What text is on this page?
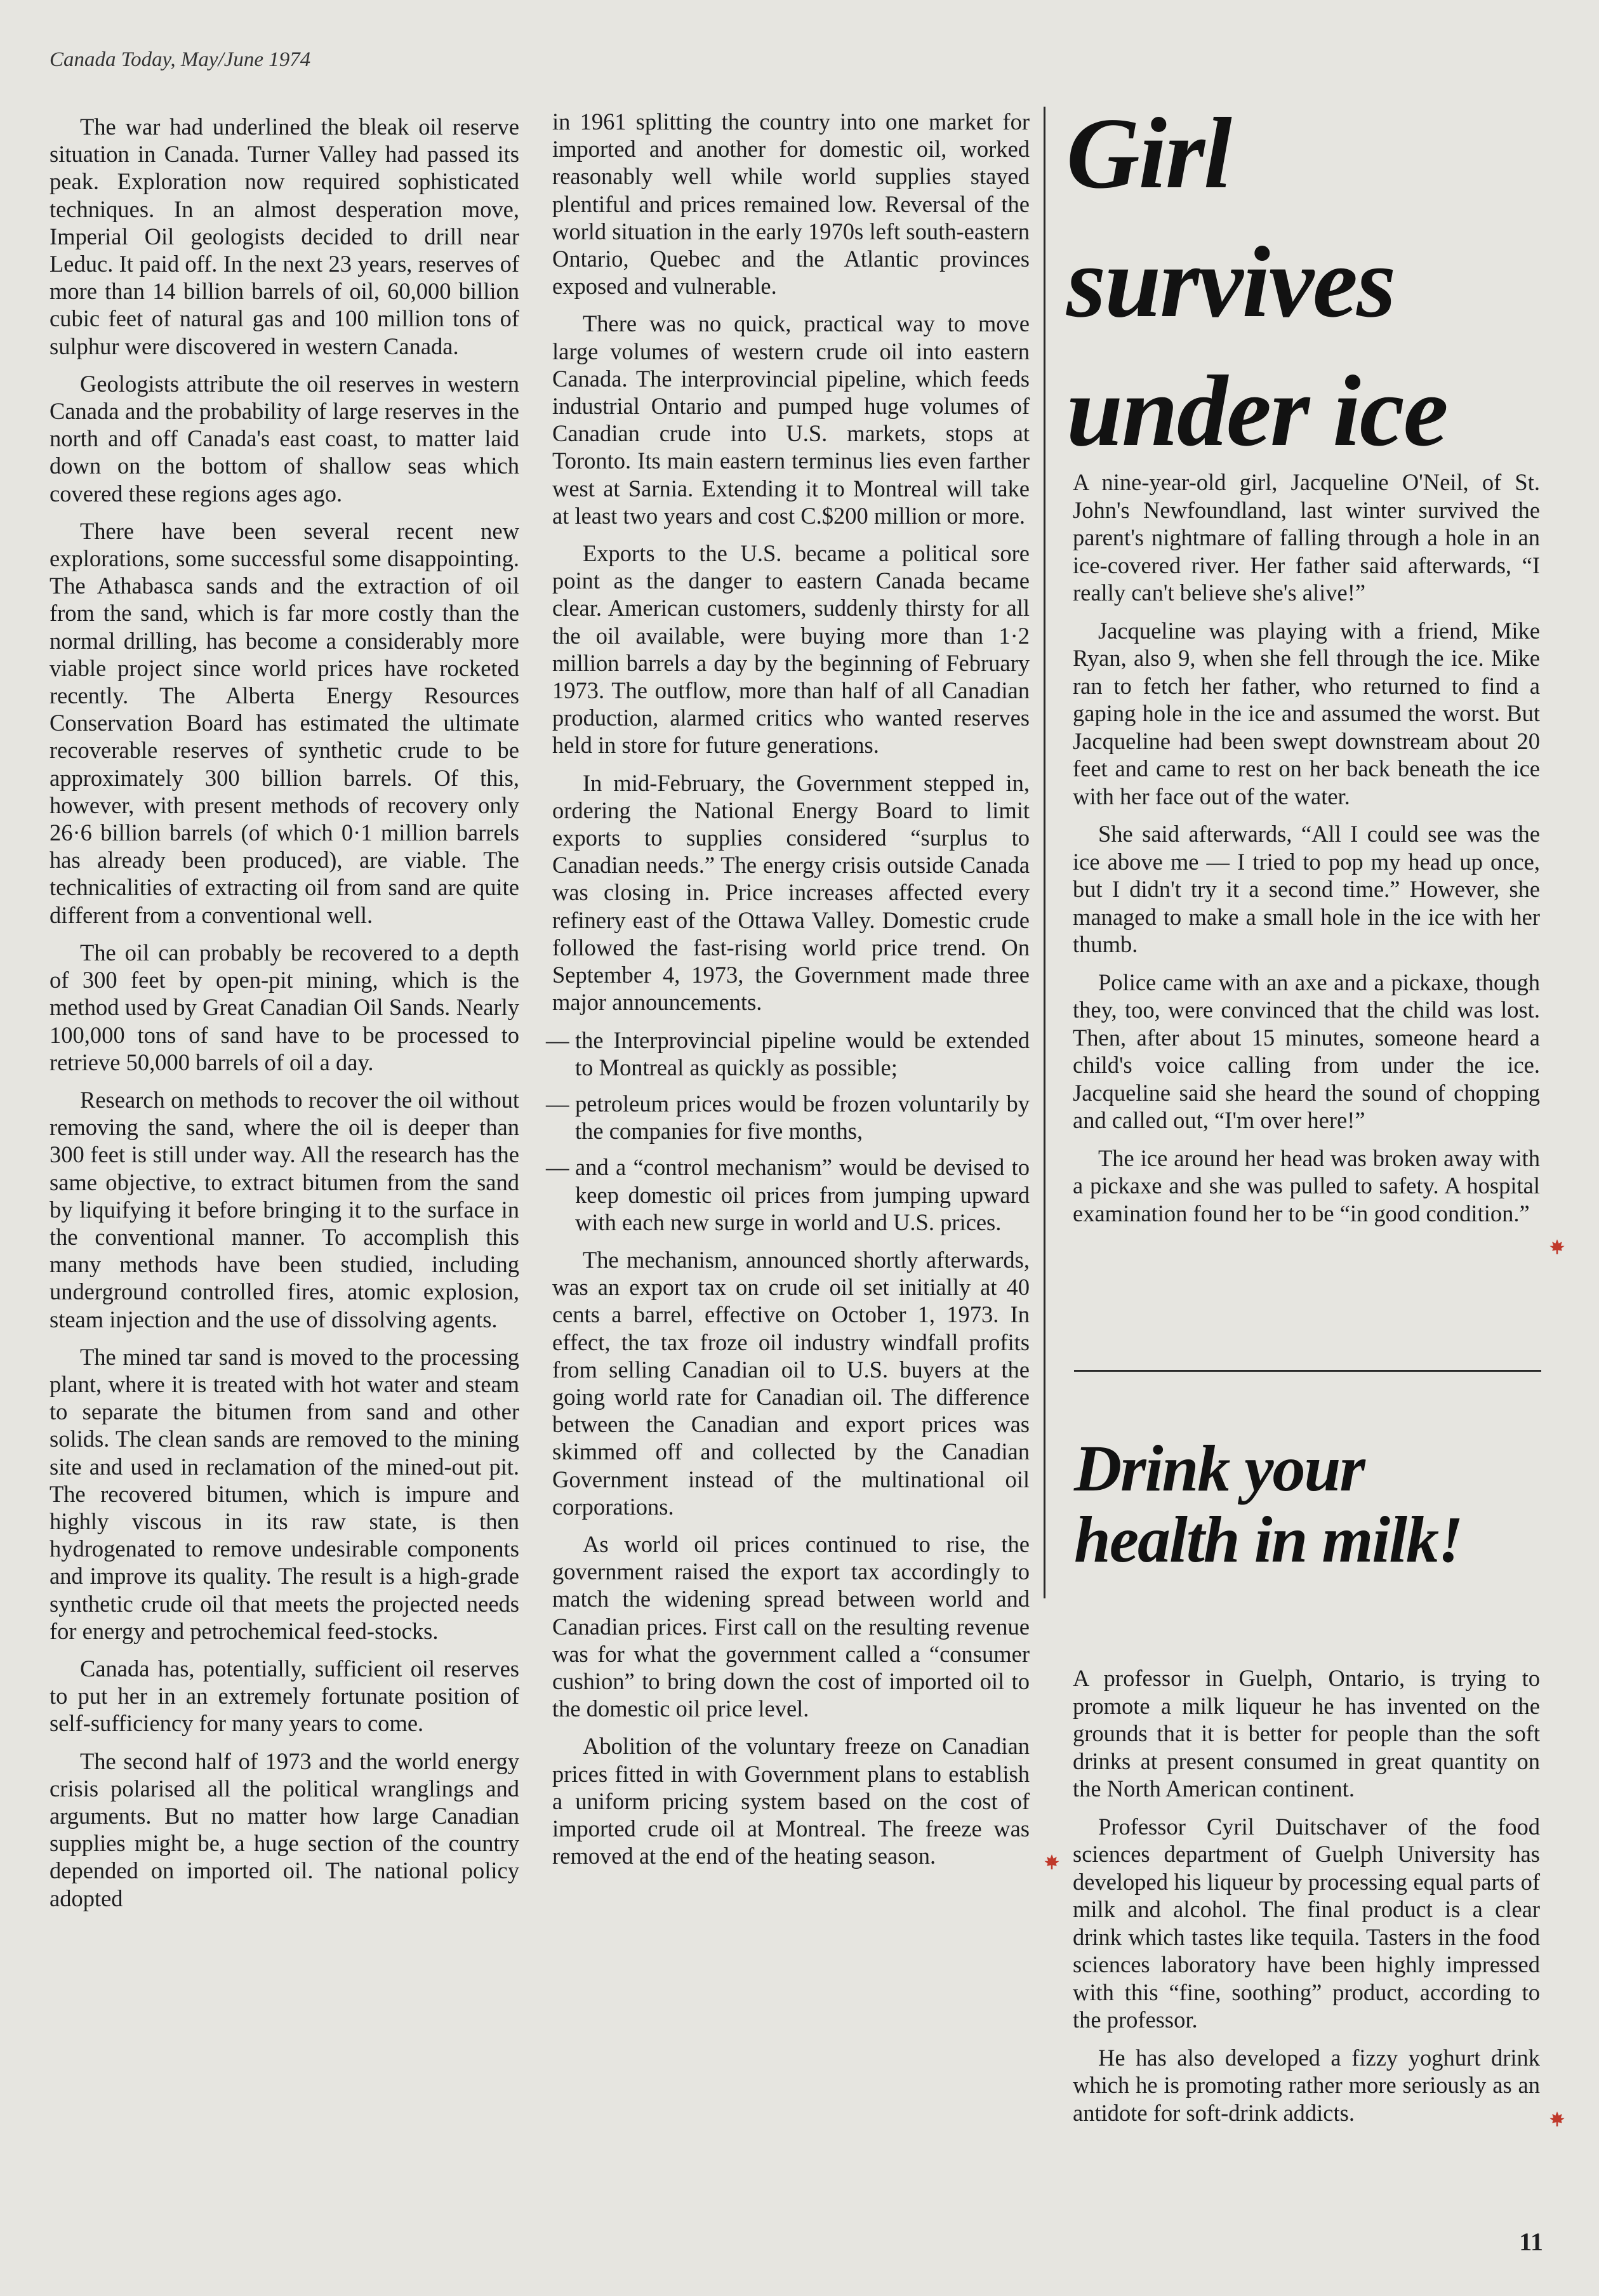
Canada Today, May/June 1974

The war had underlined the bleak oil reserve situation in Canada. Turner Valley had passed its peak. Exploration now required sophisticated techniques. In an almost desperation move, Imperial Oil geologists decided to drill near Leduc. It paid off. In the next 23 years, reserves of more than 14 billion barrels of oil, 60,000 billion cubic feet of natural gas and 100 million tons of sulphur were discovered in western Canada.

Geologists attribute the oil reserves in western Canada and the probability of large reserves in the north and off Canada's east coast, to matter laid down on the bottom of shallow seas which covered these regions ages ago.

There have been several recent new explorations, some successful some disappointing. The Athabasca sands and the extraction of oil from the sand, which is far more costly than the normal drilling, has become a considerably more viable project since world prices have rocketed recently. The Alberta Energy Resources Conservation Board has estimated the ultimate recoverable reserves of synthetic crude to be approximately 300 billion barrels. Of this, however, with present methods of recovery only 26·6 billion barrels (of which 0·1 million barrels has already been produced), are viable. The technicalities of extracting oil from sand are quite different from a conventional well.

The oil can probably be recovered to a depth of 300 feet by open-pit mining, which is the method used by Great Canadian Oil Sands. Nearly 100,000 tons of sand have to be processed to retrieve 50,000 barrels of oil a day.

Research on methods to recover the oil without removing the sand, where the oil is deeper than 300 feet is still under way. All the research has the same objective, to extract bitumen from the sand by liquifying it before bringing it to the surface in the conventional manner. To accomplish this many methods have been studied, including underground controlled fires, atomic explosion, steam injection and the use of dissolving agents.

The mined tar sand is moved to the processing plant, where it is treated with hot water and steam to separate the bitumen from sand and other solids. The clean sands are removed to the mining site and used in reclamation of the mined-out pit. The recovered bitumen, which is impure and highly viscous in its raw state, is then hydrogenated to remove undesirable components and improve its quality. The result is a high-grade synthetic crude oil that meets the projected needs for energy and petrochemical feed-stocks.

Canada has, potentially, sufficient oil reserves to put her in an extremely fortunate position of self-sufficiency for many years to come.

The second half of 1973 and the world energy crisis polarised all the political wranglings and arguments. But no matter how large Canadian supplies might be, a huge section of the country depended on imported oil. The national policy adopted

in 1961 splitting the country into one market for imported and another for domestic oil, worked reasonably well while world supplies stayed plentiful and prices remained low. Reversal of the world situation in the early 1970s left south-eastern Ontario, Quebec and the Atlantic provinces exposed and vulnerable.

There was no quick, practical way to move large volumes of western crude oil into eastern Canada. The interprovincial pipeline, which feeds industrial Ontario and pumped huge volumes of Canadian crude into U.S. markets, stops at Toronto. Its main eastern terminus lies even farther west at Sarnia. Extending it to Montreal will take at least two years and cost C.$200 million or more.

Exports to the U.S. became a political sore point as the danger to eastern Canada became clear. American customers, suddenly thirsty for all the oil available, were buying more than 1·2 million barrels a day by the beginning of February 1973. The outflow, more than half of all Canadian production, alarmed critics who wanted reserves held in store for future generations.

In mid-February, the Government stepped in, ordering the National Energy Board to limit exports to supplies considered “surplus to Canadian needs.” The energy crisis outside Canada was closing in. Price increases affected every refinery east of the Ottawa Valley. Domestic crude followed the fast-rising world price trend. On September 4, 1973, the Government made three major announcements.

— the Interprovincial pipeline would be extended to Montreal as quickly as possible;
— petroleum prices would be frozen voluntarily by the companies for five months,
— and a “control mechanism” would be devised to keep domestic oil prices from jumping upward with each new surge in world and U.S. prices.

The mechanism, announced shortly afterwards, was an export tax on crude oil set initially at 40 cents a barrel, effective on October 1, 1973. In effect, the tax froze oil industry windfall profits from selling Canadian oil to U.S. buyers at the going world rate for Canadian oil. The difference between the Canadian and export prices was skimmed off and collected by the Canadian Government instead of the multinational oil corporations.

As world oil prices continued to rise, the government raised the export tax accordingly to match the widening spread between world and Canadian prices. First call on the resulting revenue was for what the government called a “consumer cushion” to bring down the cost of imported oil to the domestic oil price level.

Abolition of the voluntary freeze on Canadian prices fitted in with Government plans to establish a uniform pricing system based on the cost of imported crude oil at Montreal. The freeze was removed at the end of the heating season.

Girl
survives
under ice

A nine-year-old girl, Jacqueline O'Neil, of St. John's Newfoundland, last winter survived the parent's nightmare of falling through a hole in an ice-covered river. Her father said afterwards, “I really can't believe she's alive!”

Jacqueline was playing with a friend, Mike Ryan, also 9, when she fell through the ice. Mike ran to fetch her father, who returned to find a gaping hole in the ice and assumed the worst. But Jacqueline had been swept downstream about 20 feet and came to rest on her back beneath the ice with her face out of the water.

She said afterwards, “All I could see was the ice above me — I tried to pop my head up once, but I didn't try it a second time.” However, she managed to make a small hole in the ice with her thumb.

Police came with an axe and a pickaxe, though they, too, were convinced that the child was lost. Then, after about 15 minutes, someone heard a child's voice calling from under the ice. Jacqueline said she heard the sound of chopping and called out, “I'm over here!”

The ice around her head was broken away with a pickaxe and she was pulled to safety. A hospital examination found her to be “in good condition.”

Drink your
health in milk!

A professor in Guelph, Ontario, is trying to promote a milk liqueur he has invented on the grounds that it is better for people than the soft drinks at present consumed in great quantity on the North American continent.

Professor Cyril Duitschaver of the food sciences department of Guelph University has developed his liqueur by processing equal parts of milk and alcohol. The final product is a clear drink which tastes like tequila. Tasters in the food sciences laboratory have been highly impressed with this “fine, soothing” product, according to the professor.

He has also developed a fizzy yoghurt drink which he is promoting rather more seriously as an antidote for soft-drink addicts.

11
